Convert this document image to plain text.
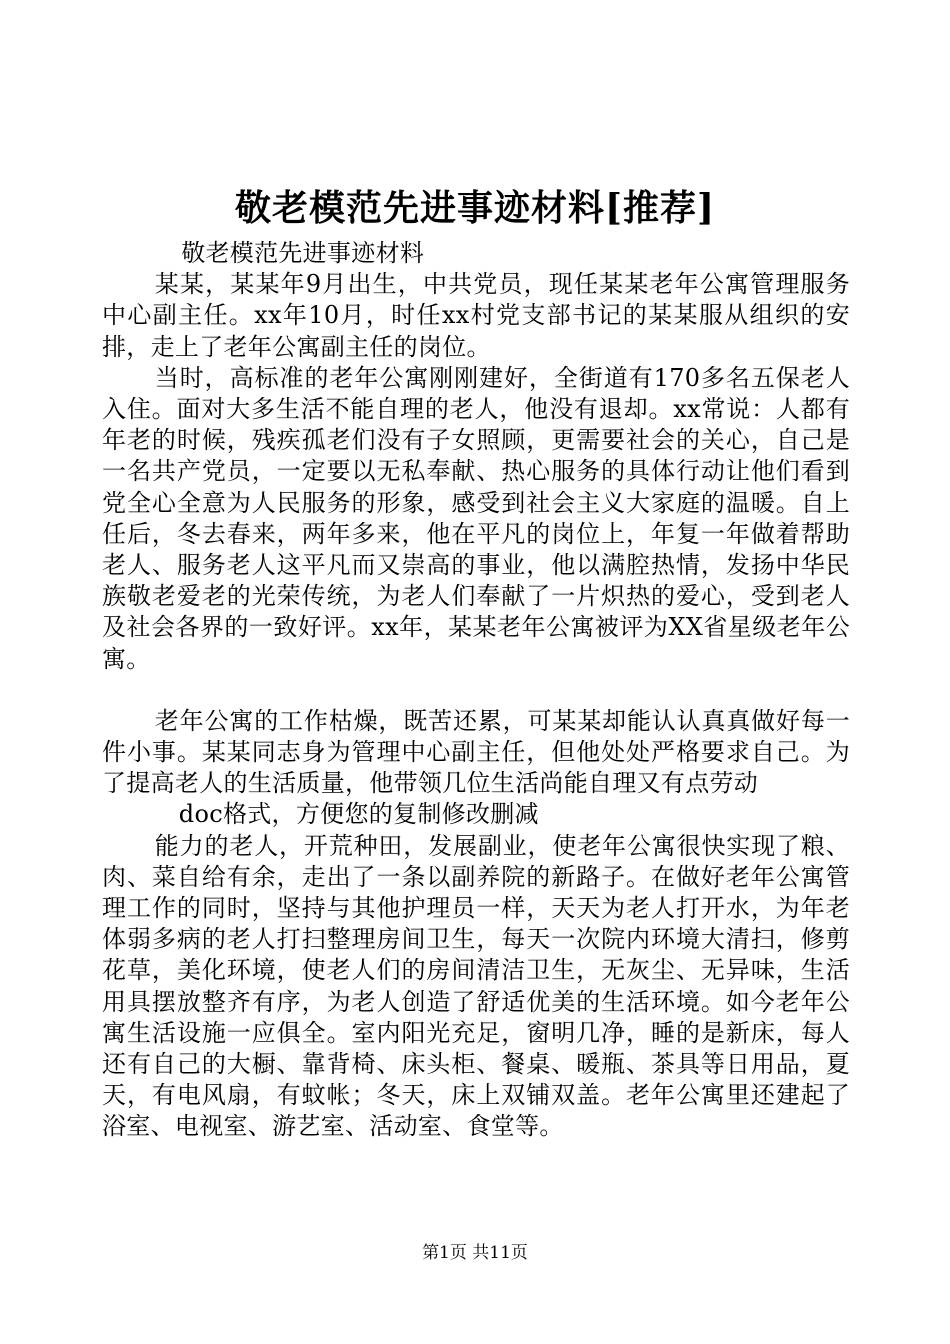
敬老模范先进事迹材料[推荐]

敬老模范先进事迹材料

某某，某某年9月出生，中共党员，现任某某老年公寓管理服务中心副主任。xx年10月，时任xx村党支部书记的某某服从组织的安排，走上了老年公寓副主任的岗位。

当时，高标准的老年公寓刚刚建好，全街道有170多名五保老人入住。面对大多生活不能自理的老人，他没有退却。xx常说：人都有年老的时候，残疾孤老们没有子女照顾，更需要社会的关心，自己是一名共产党员，一定要以无私奉献、热心服务的具体行动让他们看到党全心全意为人民服务的形象，感受到社会主义大家庭的温暖。自上任后，冬去春来，两年多来，他在平凡的岗位上，年复一年做着帮助老人、服务老人这平凡而又崇高的事业，他以满腔热情，发扬中华民族敬老爱老的光荣传统，为老人们奉献了一片炽热的爱心，受到老人及社会各界的一致好评。xx年，某某老年公寓被评为XX省星级老年公寓。

老年公寓的工作枯燥，既苦还累，可某某却能认认真真做好每一件小事。某某同志身为管理中心副主任，但他处处严格要求自己。为了提高老人的生活质量，他带领几位生活尚能自理又有点劳动

doc格式，方便您的复制修改删减

能力的老人，开荒种田，发展副业，使老年公寓很快实现了粮、肉、菜自给有余，走出了一条以副养院的新路子。在做好老年公寓管理工作的同时，坚持与其他护理员一样，天天为老人打开水，为年老体弱多病的老人打扫整理房间卫生，每天一次院内环境大清扫，修剪花草，美化环境，使老人们的房间清洁卫生，无灰尘、无异味，生活用具摆放整齐有序，为老人创造了舒适优美的生活环境。如今老年公寓生活设施一应俱全。室内阳光充足，窗明几净，睡的是新床，每人还有自己的大橱、靠背椅、床头柜、餐桌、暖瓶、茶具等日用品，夏天，有电风扇，有蚊帐；冬天，床上双铺双盖。老年公寓里还建起了浴室、电视室、游艺室、活动室、食堂等。

第1页 共11页
